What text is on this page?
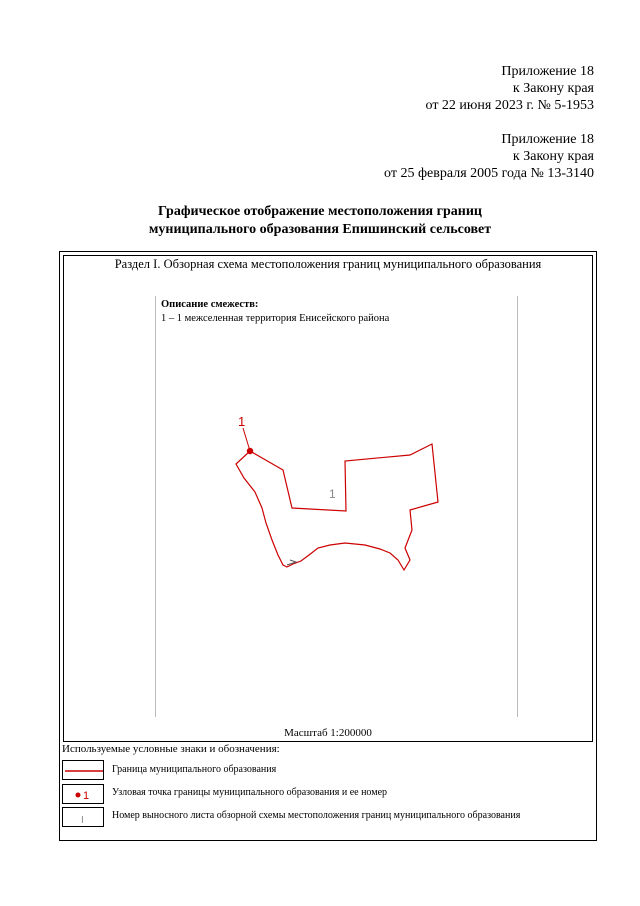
Приложение 18
к Закону края
от 22 июня 2023 г. № 5-1953
Приложение 18
к Закону края
от 25 февраля 2005 года № 13-3140
Графическое отображение местоположения границ
муниципального образования Епишинский сельсовет
Раздел I. Обзорная схема местоположения границ муниципального образования
Описание смежеств:
1 – 1 межселенная территория Енисейского района
1
1
Масштаб 1:200000
Используемые условные знаки и обозначения:
Граница муниципального образования
1 Узловая точка границы муниципального образования и ее номер
I	Номер выносного листа обзорной схемы местоположения границ муниципального образования
